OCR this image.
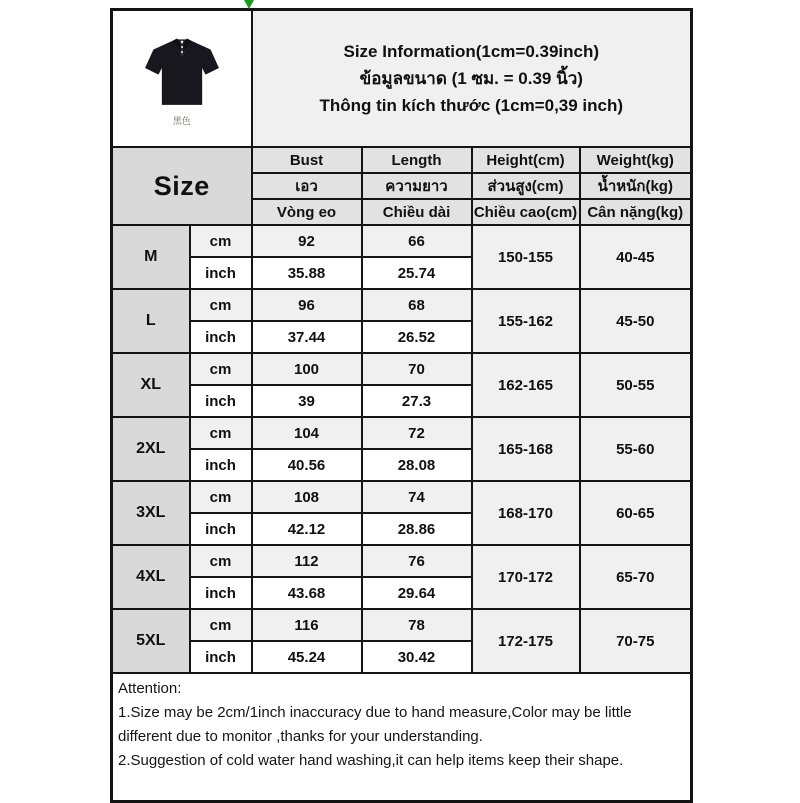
黑色		Size Information(1cm=0.39inch)
ข้อมูลขนาด (1 ซม. = 0.39 นิ้ว)
Thông tin kích thước (1cm=0,39 inch)			

Size		Bust	Length	Height(cm)	Weight(kg)
		เอว	ความยาว	ส่วนสูง(cm)	น้ำหนัก(kg)
		Vòng eo	Chiều dài	Chiều cao(cm)	Cân nặng(kg)
M	cm	92	66	150-155	40-45
	inch	35.88	25.74		
L	cm	96	68	155-162	45-50
	inch	37.44	26.52		
XL	cm	100	70	162-165	50-55
	inch	39	27.3		
2XL	cm	104	72	165-168	55-60
	inch	40.56	28.08		
3XL	cm	108	74	168-170	60-65
	inch	42.12	28.86		
4XL	cm	112	76	170-172	65-70
	inch	43.68	29.64		
5XL	cm	116	78	172-175	70-75
	inch	45.24	30.42		

Attention:

1.Size may be 2cm/1inch inaccuracy due to hand measure,Color may be little different due to monitor ,thanks for your understanding.

2.Suggestion of cold water hand washing,it can help items keep their shape.					
